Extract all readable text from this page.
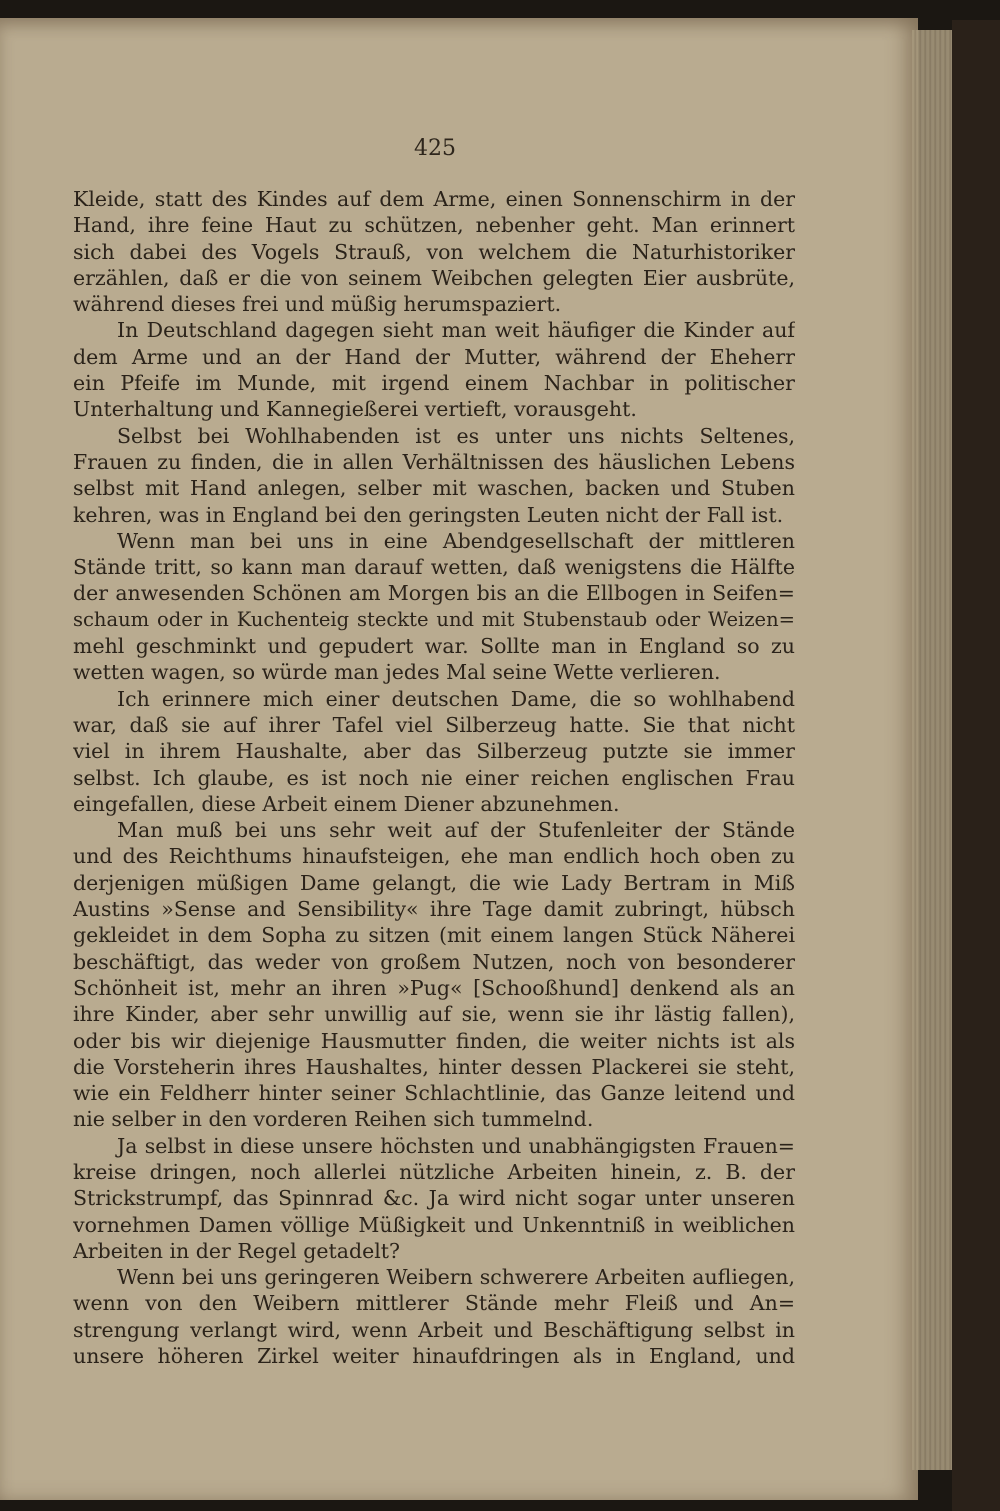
425
Kleide, statt des Kindes auf dem Arme, einen Sonnenschirm in der
Hand, ihre feine Haut zu schützen, nebenher geht. Man erinnert
sich dabei des Vogels Strauß, von welchem die Naturhistoriker
erzählen, daß er die von seinem Weibchen gelegten Eier ausbrüte,
während dieses frei und müßig herumspaziert.
In Deutschland dagegen sieht man weit häufiger die Kinder auf
dem Arme und an der Hand der Mutter, während der Eheherr
ein Pfeife im Munde, mit irgend einem Nachbar in politischer
Unterhaltung und Kannegießerei vertieft, vorausgeht.
Selbst bei Wohlhabenden ist es unter uns nichts Seltenes,
Frauen zu finden, die in allen Verhältnissen des häuslichen Lebens
selbst mit Hand anlegen, selber mit waschen, backen und Stuben
kehren, was in England bei den geringsten Leuten nicht der Fall ist.
Wenn man bei uns in eine Abendgesellschaft der mittleren
Stände tritt, so kann man darauf wetten, daß wenigstens die Hälfte
der anwesenden Schönen am Morgen bis an die Ellbogen in Seifen=
schaum oder in Kuchenteig steckte und mit Stubenstaub oder Weizen=
mehl geschminkt und gepudert war. Sollte man in England so zu
wetten wagen, so würde man jedes Mal seine Wette verlieren.
Ich erinnere mich einer deutschen Dame, die so wohlhabend
war, daß sie auf ihrer Tafel viel Silberzeug hatte. Sie that nicht
viel in ihrem Haushalte, aber das Silberzeug putzte sie immer
selbst. Ich glaube, es ist noch nie einer reichen englischen Frau
eingefallen, diese Arbeit einem Diener abzunehmen.
Man muß bei uns sehr weit auf der Stufenleiter der Stände
und des Reichthums hinaufsteigen, ehe man endlich hoch oben zu
derjenigen müßigen Dame gelangt, die wie Lady Bertram in Miß
Austins »Sense and Sensibility« ihre Tage damit zubringt, hübsch
gekleidet in dem Sopha zu sitzen (mit einem langen Stück Näherei
beschäftigt, das weder von großem Nutzen, noch von besonderer
Schönheit ist, mehr an ihren »Pug« [Schooßhund] denkend als an
ihre Kinder, aber sehr unwillig auf sie, wenn sie ihr lästig fallen),
oder bis wir diejenige Hausmutter finden, die weiter nichts ist als
die Vorsteherin ihres Haushaltes, hinter dessen Plackerei sie steht,
wie ein Feldherr hinter seiner Schlachtlinie, das Ganze leitend und
nie selber in den vorderen Reihen sich tummelnd.
Ja selbst in diese unsere höchsten und unabhängigsten Frauen=
kreise dringen, noch allerlei nützliche Arbeiten hinein, z. B. der
Strickstrumpf, das Spinnrad &c. Ja wird nicht sogar unter unseren
vornehmen Damen völlige Müßigkeit und Unkenntniß in weiblichen
Arbeiten in der Regel getadelt?
Wenn bei uns geringeren Weibern schwerere Arbeiten aufliegen,
wenn von den Weibern mittlerer Stände mehr Fleiß und An=
strengung verlangt wird, wenn Arbeit und Beschäftigung selbst in
unsere höheren Zirkel weiter hinaufdringen als in England, und
